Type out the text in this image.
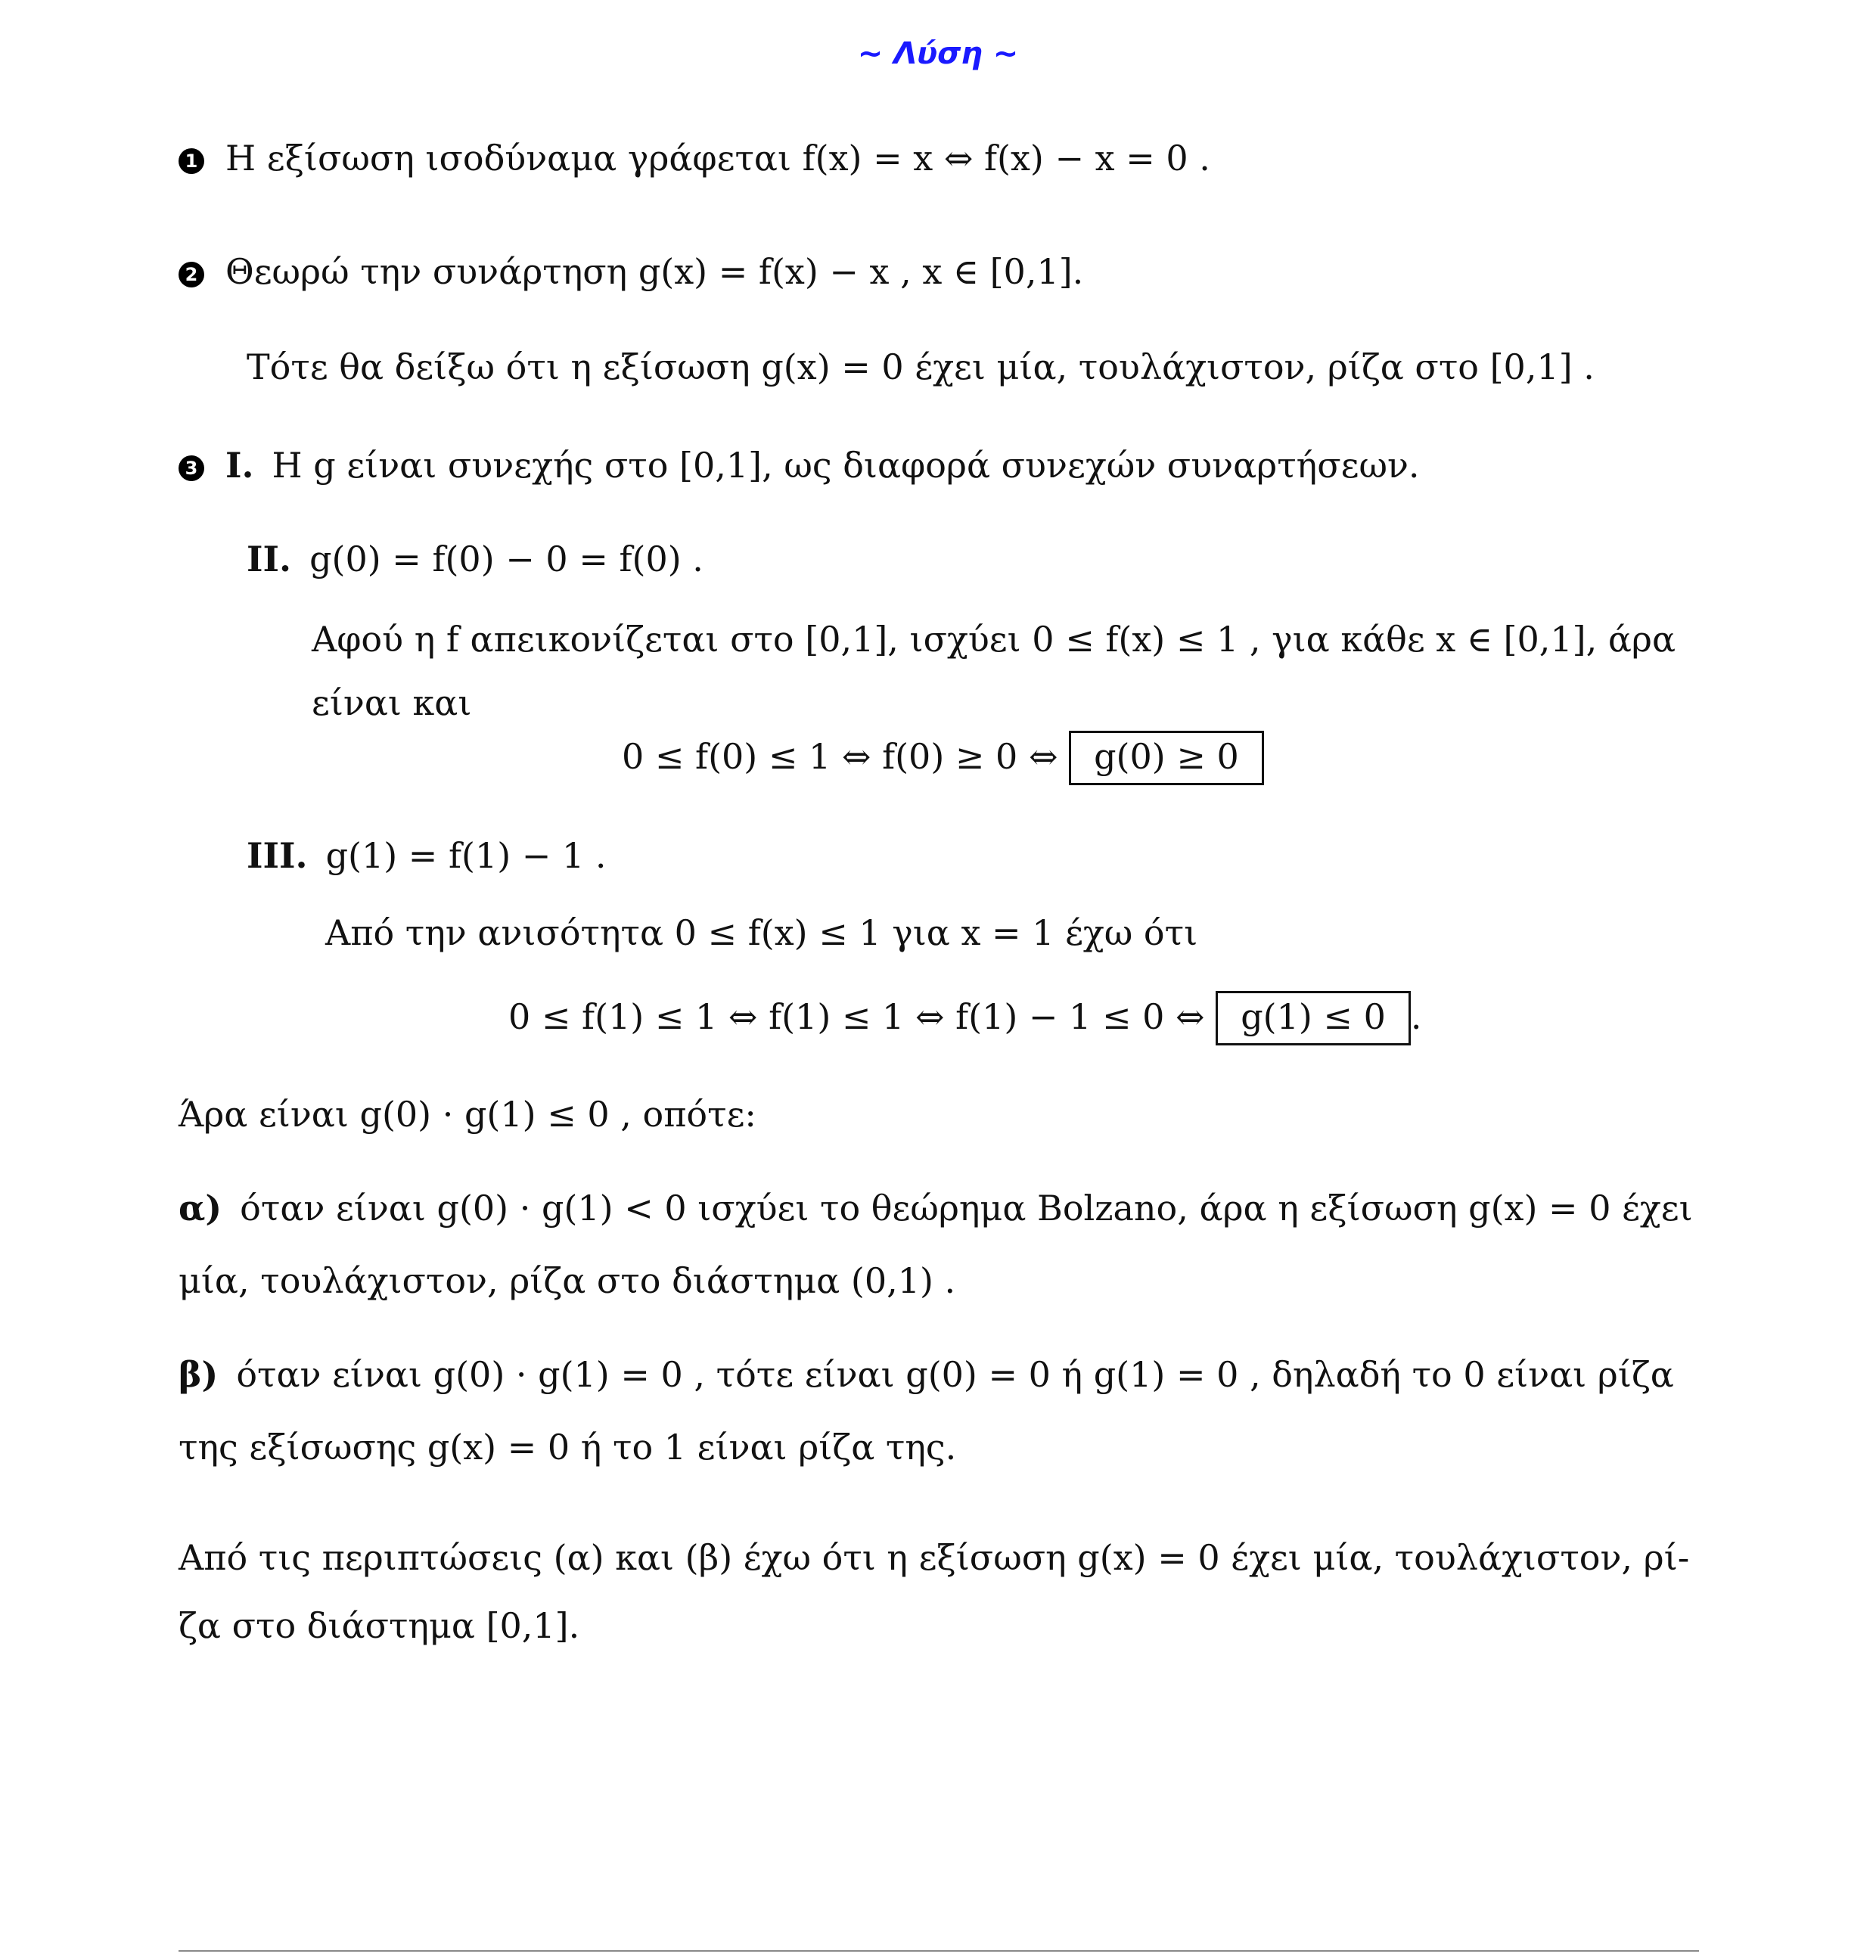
~ Λύση ~
1 Η εξίσωση ισοδύναμα γράφεται f(x) = x ⇔ f(x) − x = 0 .
2 Θεωρώ την συνάρτηση g(x) = f(x) − x , x ∈ [0,1].
Τότε θα δείξω ότι η εξίσωση g(x) = 0 έχει μία, τουλάχιστον, ρίζα στο [0,1] .
3 I. Η g είναι συνεχής στο [0,1], ως διαφορά συνεχών συναρτήσεων.
II. g(0) = f(0) − 0 = f(0) .
Αφού η f απεικονίζεται στο [0,1], ισχύει 0 ≤ f(x) ≤ 1 , για κάθε x ∈ [0,1], άρα
είναι και
0 ≤ f(0) ≤ 1 ⇔ f(0) ≥ 0 ⇔ g(0) ≥ 0
III. g(1) = f(1) − 1 .
Από την ανισότητα 0 ≤ f(x) ≤ 1 για x = 1 έχω ότι
0 ≤ f(1) ≤ 1 ⇔ f(1) ≤ 1 ⇔ f(1) − 1 ≤ 0 ⇔ g(1) ≤ 0 .
Άρα είναι g(0) · g(1) ≤ 0 , οπότε:
α) όταν είναι g(0) · g(1) < 0 ισχύει το θεώρημα Bolzano, άρα η εξίσωση g(x) = 0 έχει
μία, τουλάχιστον, ρίζα στο διάστημα (0,1) .
β) όταν είναι g(0) · g(1) = 0 , τότε είναι g(0) = 0 ή g(1) = 0 , δηλαδή το 0 είναι ρίζα
της εξίσωσης g(x) = 0 ή το 1 είναι ρίζα της.
Από τις περιπτώσεις (α) και (β) έχω ότι η εξίσωση g(x) = 0 έχει μία, τουλάχιστον, ρί-
ζα στο διάστημα [0,1].
